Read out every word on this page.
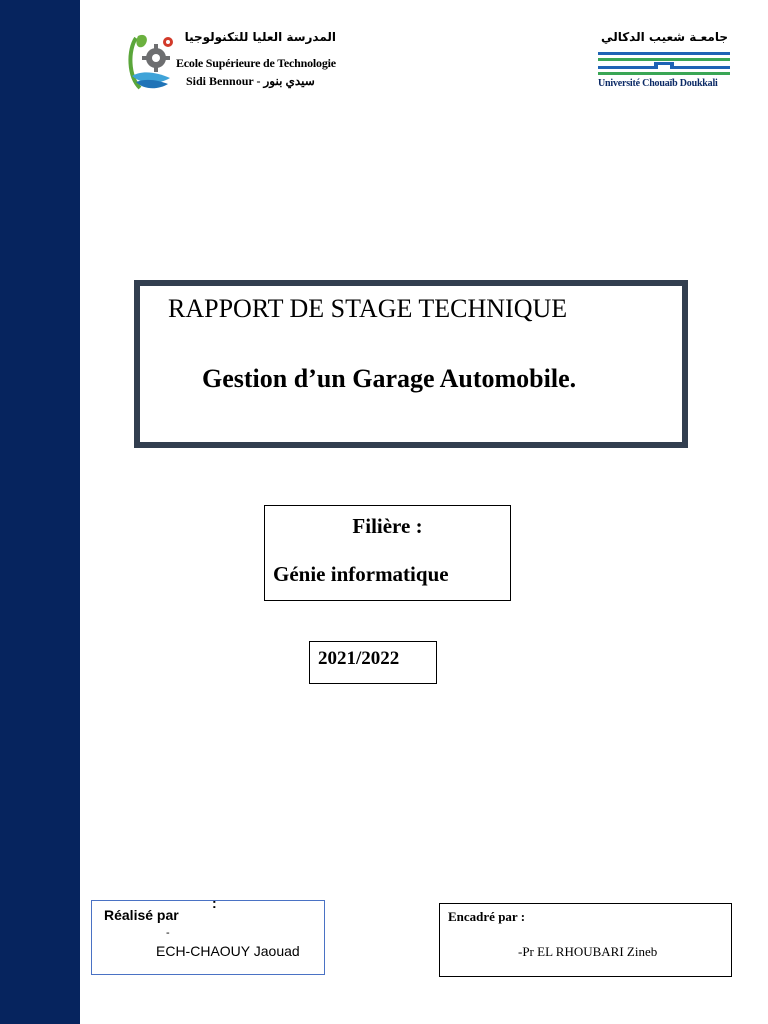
المدرسة العليا للتكنولوجيا
Ecole Supérieure de Technologie
Sidi Bennour - سيدي بنور
جامعـة شعيب الدكالي
Université Chouaïb Doukkali
RAPPORT DE STAGE TECHNIQUE
Gestion d’un Garage Automobile.
Filière :
Génie informatique
2021/2022
Réalisé par
:
-
ECH-CHAOUY Jaouad
Encadré par :
-Pr EL RHOUBARI Zineb
